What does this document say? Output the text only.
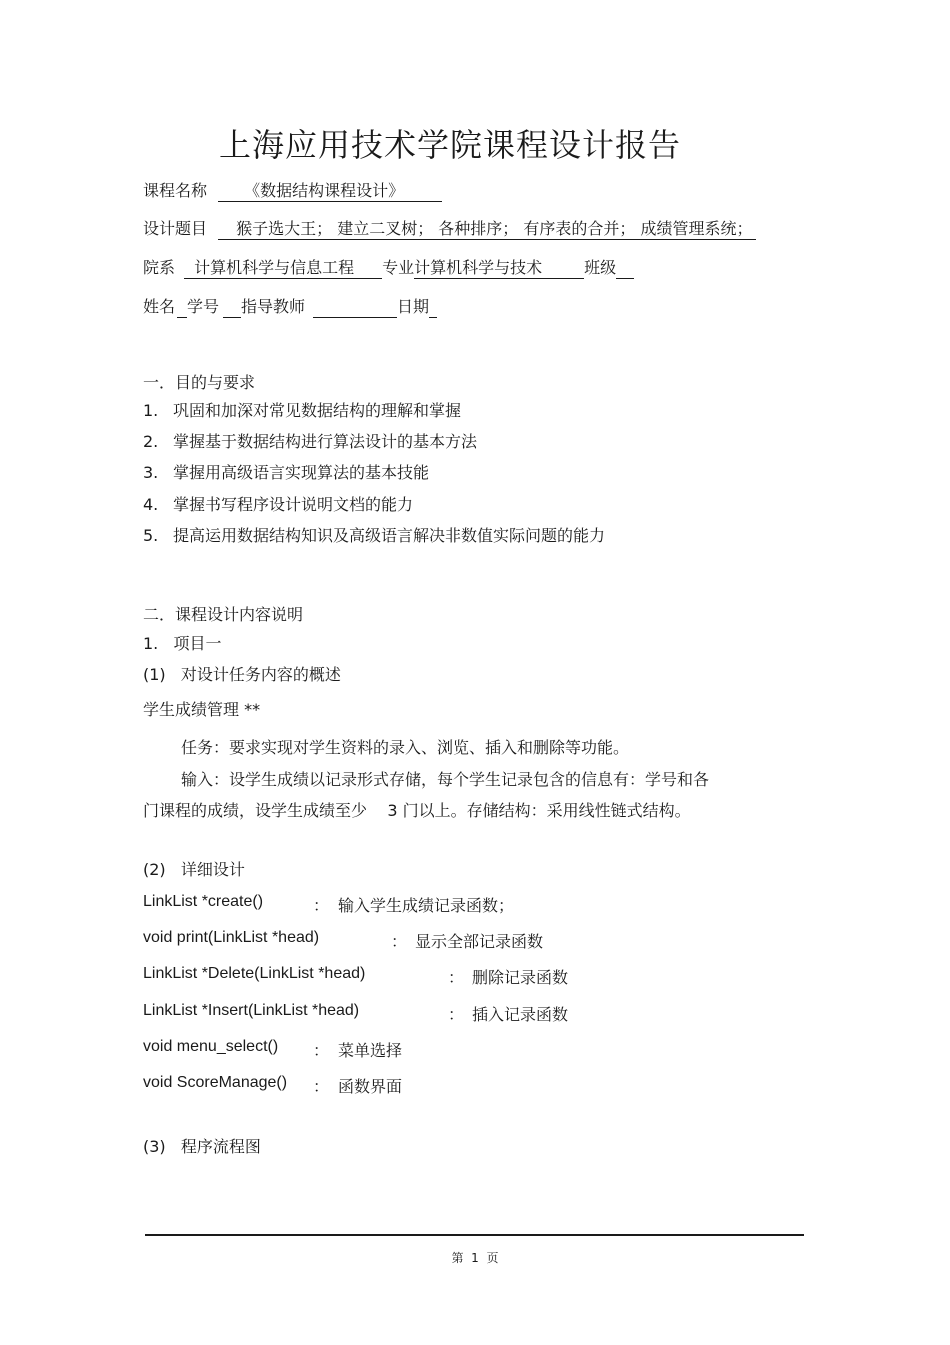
上海应用技术学院课程设计报告
课程名称 《数据结构课程设计》
设计题目 猴子选大王； 建立二叉树； 各种排序； 有序表的合并； 成绩管理系统；
院系 计算机科学与信息工程 专业计算机科学与技术	班级
姓名 学号 指导教师	日期
一．目的与要求
1. 巩固和加深对常见数据结构的理解和掌握
2. 掌握基于数据结构进行算法设计的基本方法
3. 掌握用高级语言实现算法的基本技能
4. 掌握书写程序设计说明文档的能力
5. 提高运用数据结构知识及高级语言解决非数值实际问题的能力
二．课程设计内容说明
1.   项目一
(1)   对设计任务内容的概述
学生成绩管理 **
任务：要求实现对学生资料的录入、浏览、插入和删除等功能。
输入：设学生成绩以记录形式存储，每个学生记录包含的信息有：学号和各
门课程的成绩，设学生成绩至少    3 门以上。存储结构：采用线性链式结构。
(2)   详细设计
LinkList *create()	： 输入学生成绩记录函数；
void print(LinkList *head)	： 显示全部记录函数
LinkList *Delete(LinkList *head)	： 删除记录函数
LinkList *Insert(LinkList *head)	： 插入记录函数
void menu_select() ： 菜单选择
void ScoreManage() ： 函数界面
(3)   程序流程图
第  1  页
